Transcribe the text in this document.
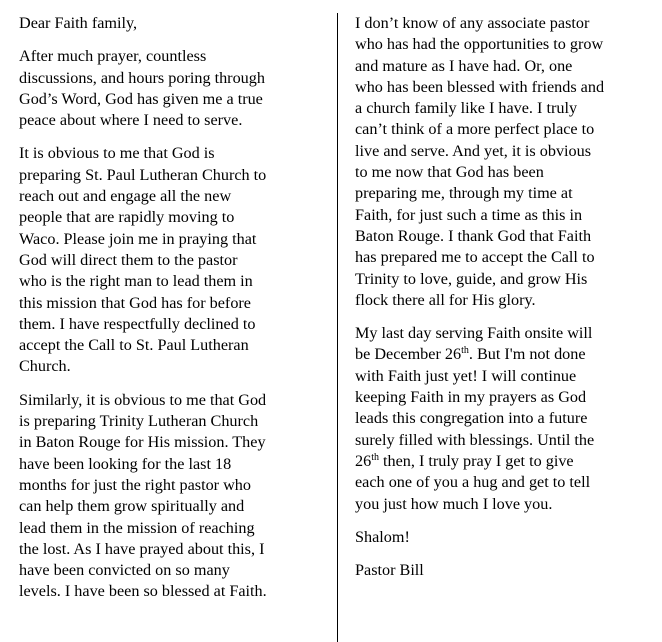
Dear Faith family,

After much prayer, countless
discussions, and hours poring through
God’s Word, God has given me a true
peace about where I need to serve.

It is obvious to me that God is
preparing St. Paul Lutheran Church to
reach out and engage all the new
people that are rapidly moving to
Waco. Please join me in praying that
God will direct them to the pastor
who is the right man to lead them in
this mission that God has for before
them. I have respectfully declined to
accept the Call to St. Paul Lutheran
Church.

Similarly, it is obvious to me that God
is preparing Trinity Lutheran Church
in Baton Rouge for His mission. They
have been looking for the last 18
months for just the right pastor who
can help them grow spiritually and
lead them in the mission of reaching
the lost. As I have prayed about this, I
have been convicted on so many
levels. I have been so blessed at Faith.

I don’t know of any associate pastor
who has had the opportunities to grow
and mature as I have had. Or, one
who has been blessed with friends and
a church family like I have. I truly
can’t think of a more perfect place to
live and serve. And yet, it is obvious
to me now that God has been
preparing me, through my time at
Faith, for just such a time as this in
Baton Rouge. I thank God that Faith
has prepared me to accept the Call to
Trinity to love, guide, and grow His
flock there all for His glory.

My last day serving Faith onsite will
be December 26th. But I'm not done
with Faith just yet! I will continue
keeping Faith in my prayers as God
leads this congregation into a future
surely filled with blessings. Until the
26th then, I truly pray I get to give
each one of you a hug and get to tell
you just how much I love you.

Shalom!

Pastor Bill
